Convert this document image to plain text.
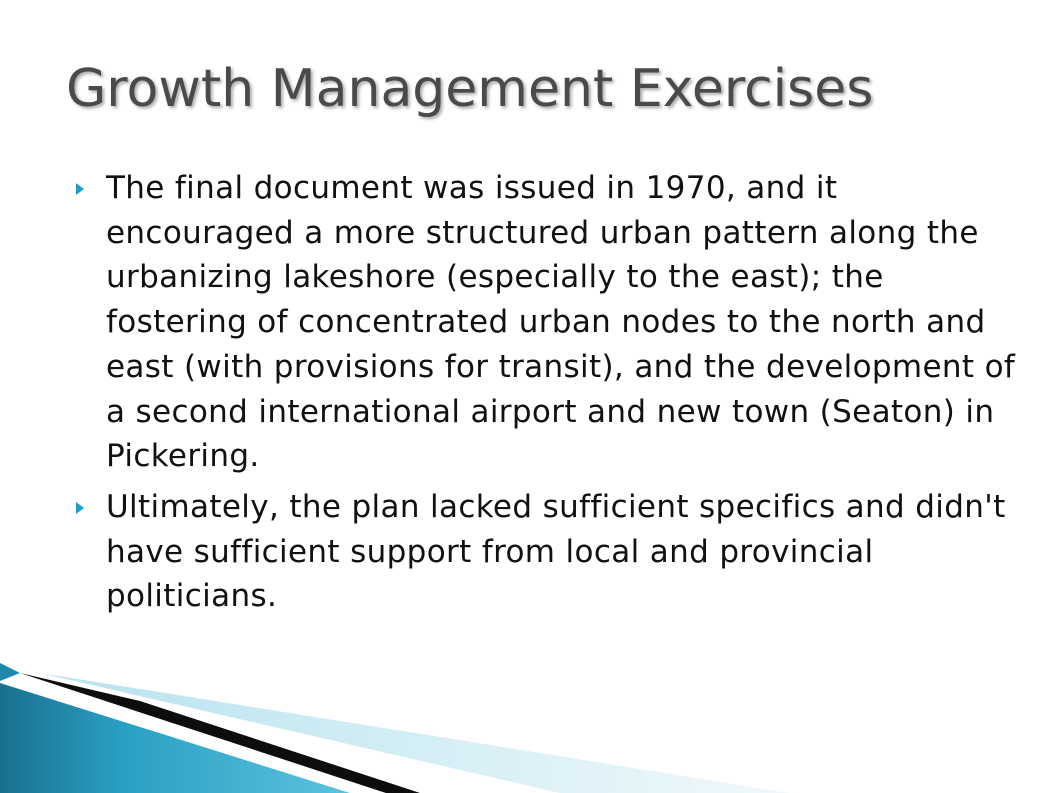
Growth Management Exercises
The final document was issued in 1970, and it encouraged a more structured urban pattern along the urbanizing lakeshore (especially to the east); the fostering of concentrated urban nodes to the north and east (with provisions for transit), and the development of a second international airport and new town (Seaton) in Pickering.
Ultimately, the plan lacked sufficient specifics and didn't have sufficient support from local and provincial politicians.
